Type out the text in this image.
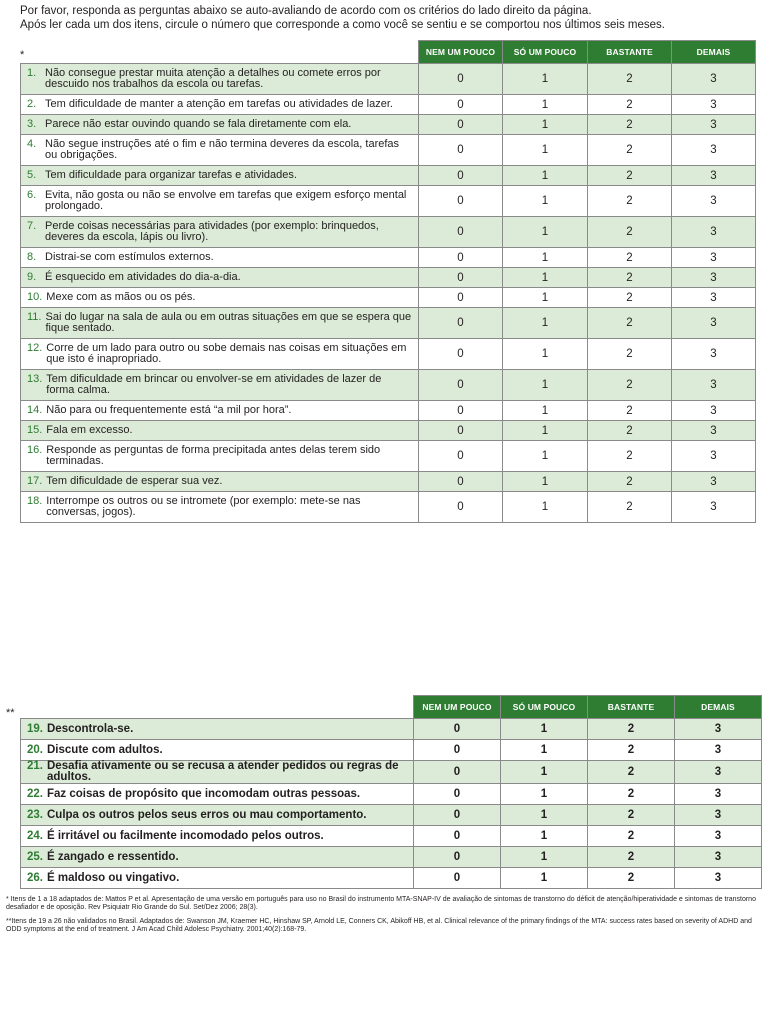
Por favor, responda as perguntas abaixo se auto-avaliando de acordo com os critérios do lado direito da página.
Após ler cada um dos itens, circule o número que corresponde a como você se sentiu e se comportou nos últimos seis meses.
*
		NEM UM POUCO	SÓ UM POUCO	BASTANTE	DEMAIS

1. Não consegue prestar muita atenção a detalhes ou comete erros por descuido nos trabalhos da escola ou tarefas.	0	1	2	3

2. Tem dificuldade de manter a atenção em tarefas ou atividades de lazer.	0	1	2	3

3. Parece não estar ouvindo quando se fala diretamente com ela.	0	1	2	3

4. Não segue instruções até o fim e não termina deveres da escola, tarefas ou obrigações.	0	1	2	3

5. Tem dificuldade para organizar tarefas e atividades.	0	1	2	3

6. Evita, não gosta ou não se envolve em tarefas que exigem esforço mental prolongado.	0	1	2	3

7. Perde coisas necessárias para atividades (por exemplo: brinquedos, deveres da escola, lápis ou livro).	0	1	2	3

8. Distrai-se com estímulos externos.	0	1	2	3

9. É esquecido em atividades do dia-a-dia.	0	1	2	3

10. Mexe com as mãos ou os pés.	0	1	2	3

11. Sai do lugar na sala de aula ou em outras situações em que se espera que fique sentado.	0	1	2	3

12. Corre de um lado para outro ou sobe demais nas coisas em situações em que isto é inapropriado.	0	1	2	3

13. Tem dificuldade em brincar ou envolver-se em atividades de lazer de forma calma.	0	1	2	3

14. Não para ou frequentemente está “a mil por hora”.	0	1	2	3

15. Fala em excesso.	0	1	2	3

16. Responde as perguntas de forma precipitada antes delas terem sido terminadas.	0	1	2	3

17. Tem dificuldade de esperar sua vez.	0	1	2	3

18. Interrompe os outros ou se intromete (por exemplo: mete-se nas conversas, jogos).	0	1	2	3
**
		NEM UM POUCO	SÓ UM POUCO	BASTANTE	DEMAIS

19. Descontrola-se.	0	1	2	3

20. Discute com adultos.	0	1	2	3

21. Desafia ativamente ou se recusa a atender pedidos ou regras de adultos.	0	1	2	3

22. Faz coisas de propósito que incomodam outras pessoas.	0	1	2	3

23. Culpa os outros pelos seus erros ou mau comportamento.	0	1	2	3

24. É irritável ou facilmente incomodado pelos outros.	0	1	2	3

25. É zangado e ressentido.	0	1	2	3

26. É maldoso ou vingativo.	0	1	2	3
* Itens de 1 a 18 adaptados de: Mattos P et al. Apresentação de uma versão em português para uso no Brasil do instrumento MTA-SNAP-IV de avaliação de sintomas de transtorno do déficit de atenção/hiperatividade e sintomas de transtorno desafiador e de oposição. Rev Psiquiatr Rio Grande do Sul. Set/Dez 2006; 28(3).
**Itens de 19 a 26 não validados no Brasil. Adaptados de: Swanson JM, Kraemer HC, Hinshaw SP, Arnold LE, Conners CK, Abikoff HB, et al. Clinical relevance of the primary findings of the MTA: success rates based on severity of ADHD and ODD symptoms at the end of treatment. J Am Acad Child Adolesc Psychiatry. 2001;40(2):168-79.
